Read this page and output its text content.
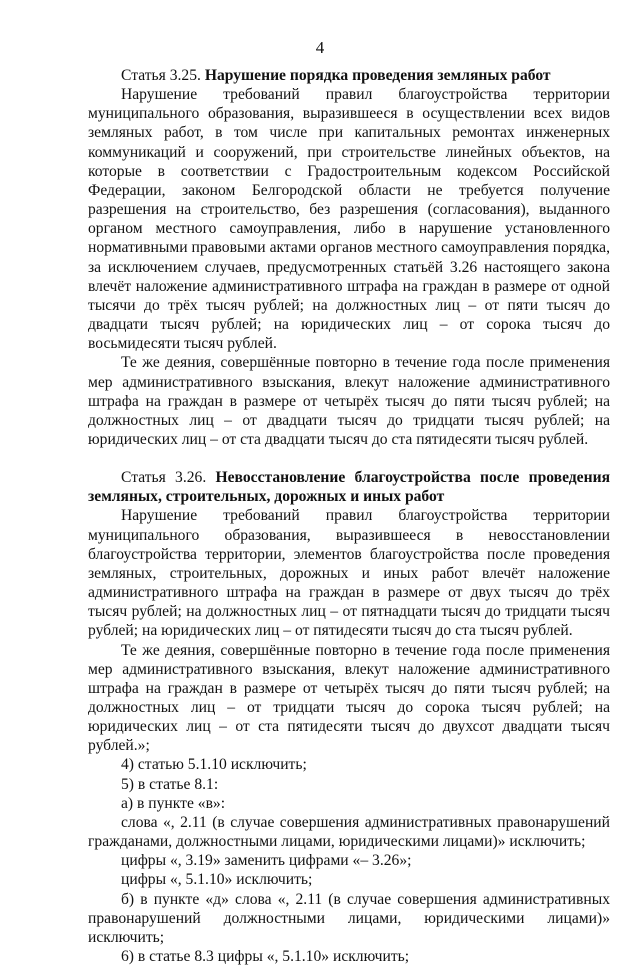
4

Статья 3.25. Нарушение порядка проведения земляных работ

Нарушение требований правил благоустройства территории муниципального образования, выразившееся в осуществлении всех видов земляных работ, в том числе при капитальных ремонтах инженерных коммуникаций и сооружений, при строительстве линейных объектов, на которые в соответствии с Градостроительным кодексом Российской Федерации, законом Белгородской области не требуется получение разрешения на строительство, без разрешения (согласования), выданного органом местного самоуправления, либо в нарушение установленного нормативными правовыми актами органов местного самоуправления порядка, за исключением случаев, предусмотренных статьёй 3.26 настоящего закона влечёт наложение административного штрафа на граждан в размере от одной тысячи до трёх тысяч рублей; на должностных лиц – от пяти тысяч до двадцати тысяч рублей; на юридических лиц – от сорока тысяч до восьмидесяти тысяч рублей.

Те же деяния, совершённые повторно в течение года после применения мер административного взыскания, влекут наложение административного штрафа на граждан в размере от четырёх тысяч до пяти тысяч рублей; на должностных лиц – от двадцати тысяч до тридцати тысяч рублей; на юридических лиц – от ста двадцати тысяч до ста пятидесяти тысяч рублей.

Статья 3.26. Невосстановление благоустройства после проведения земляных, строительных, дорожных и иных работ

Нарушение требований правил благоустройства территории муниципального образования, выразившееся в невосстановлении благоустройства территории, элементов благоустройства после проведения земляных, строительных, дорожных и иных работ влечёт наложение административного штрафа на граждан в размере от двух тысяч до трёх тысяч рублей; на должностных лиц – от пятнадцати тысяч до тридцати тысяч рублей; на юридических лиц – от пятидесяти тысяч до ста тысяч рублей.

Те же деяния, совершённые повторно в течение года после применения мер административного взыскания, влекут наложение административного штрафа на граждан в размере от четырёх тысяч до пяти тысяч рублей; на должностных лиц – от тридцати тысяч до сорока тысяч рублей; на юридических лиц – от ста пятидесяти тысяч до двухсот двадцати тысяч рублей.»;

4) статью 5.1.10 исключить;

5) в статье 8.1:

а) в пункте «в»:

слова «, 2.11 (в случае совершения административных правонарушений гражданами, должностными лицами, юридическими лицами)» исключить;

цифры «, 3.19» заменить цифрами «– 3.26»;

цифры «, 5.1.10» исключить;

б) в пункте «д» слова «, 2.11 (в случае совершения административных правонарушений должностными лицами, юридическими лицами)» исключить;

6) в статье 8.3 цифры «, 5.1.10» исключить;
